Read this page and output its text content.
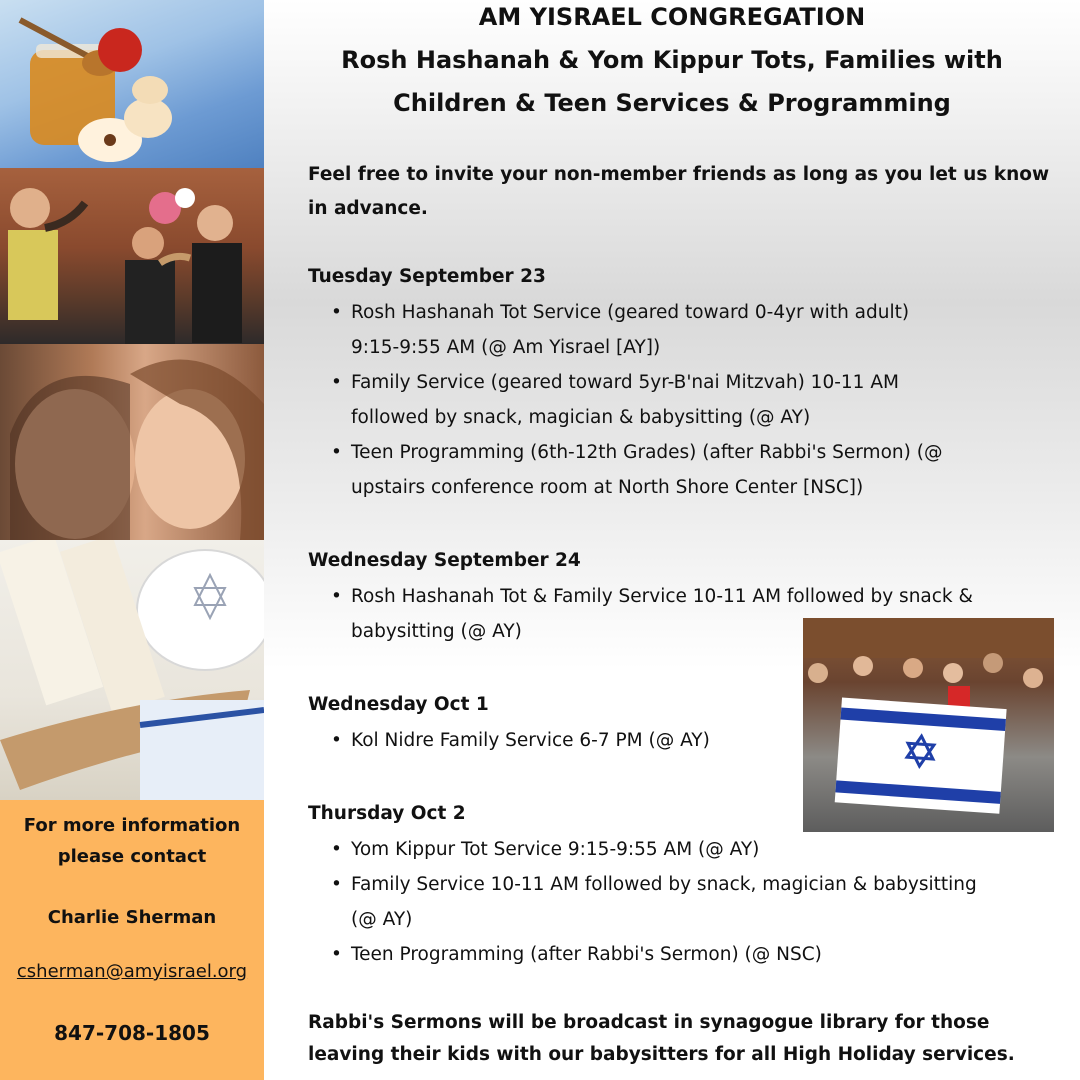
For more information
please contact
Charlie Sherman
csherman@amyisrael.org
847-708-1805
AM YISRAEL CONGREGATION
Rosh Hashanah & Yom Kippur Tots, Families with
Children & Teen Services & Programming
Feel free to invite your non-member friends as long as you let us know
in advance.
Tuesday September 23
• Rosh Hashanah Tot Service (geared toward 0-4yr with adult)
9:15-9:55 AM (@ Am Yisrael [AY])
• Family Service (geared toward 5yr-B'nai Mitzvah) 10-11 AM
followed by snack, magician & babysitting (@ AY)
• Teen Programming (6th-12th Grades) (after Rabbi's Sermon) (@
upstairs conference room at North Shore Center [NSC])
Wednesday September 24
• Rosh Hashanah Tot & Family Service 10-11 AM followed by snack &
babysitting (@ AY)
Wednesday Oct 1
• Kol Nidre Family Service 6-7 PM (@ AY)
Thursday Oct 2
• Yom Kippur Tot Service 9:15-9:55 AM (@ AY)
• Family Service 10-11 AM followed by snack, magician & babysitting
(@ AY)
• Teen Programming (after Rabbi's Sermon) (@ NSC)
Rabbi's Sermons will be broadcast in synagogue library for those
leaving their kids with our babysitters for all High Holiday services.
